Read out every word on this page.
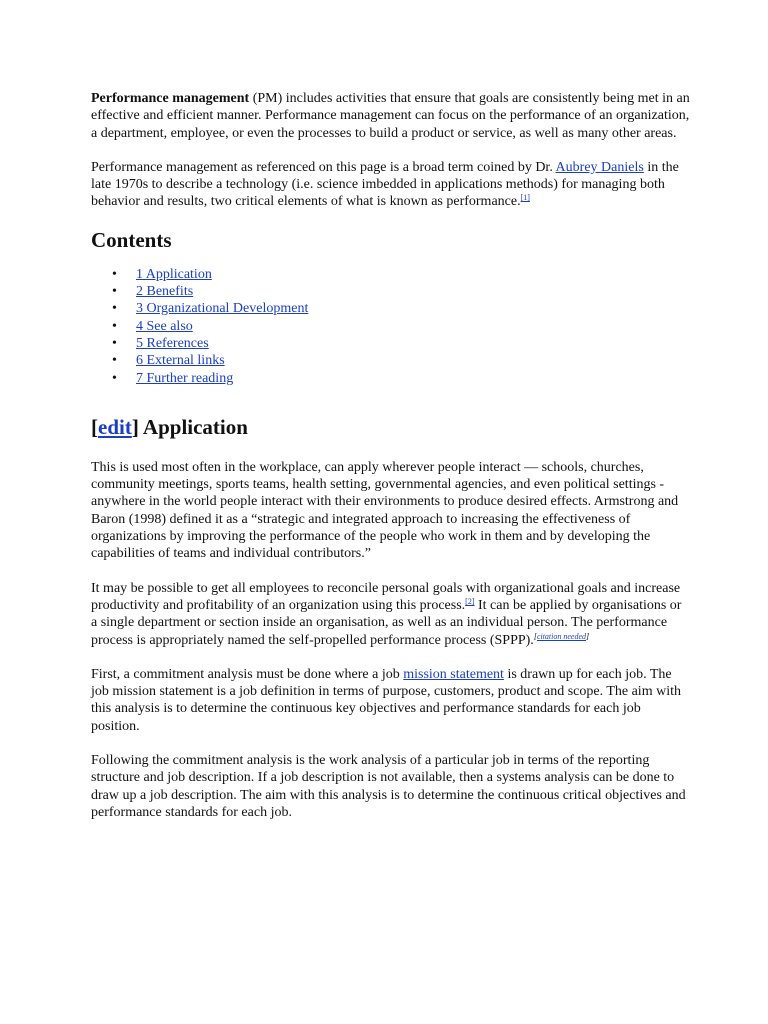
Performance management (PM) includes activities that ensure that goals are consistently being met in an effective and efficient manner. Performance management can focus on the performance of an organization, a department, employee, or even the processes to build a product or service, as well as many other areas.

Performance management as referenced on this page is a broad term coined by Dr. Aubrey Daniels in the late 1970s to describe a technology (i.e. science imbedded in applications methods) for managing both behavior and results, two critical elements of what is known as performance.[1]

Contents
• 1 Application
• 2 Benefits
• 3 Organizational Development
• 4 See also
• 5 References
• 6 External links
• 7 Further reading
[edit] Application

This is used most often in the workplace, can apply wherever people interact — schools, churches, community meetings, sports teams, health setting, governmental agencies, and even political settings - anywhere in the world people interact with their environments to produce desired effects. Armstrong and Baron (1998) defined it as a “strategic and integrated approach to increasing the effectiveness of organizations by improving the performance of the people who work in them and by developing the capabilities of teams and individual contributors.”

It may be possible to get all employees to reconcile personal goals with organizational goals and increase productivity and profitability of an organization using this process.[2] It can be applied by organisations or a single department or section inside an organisation, as well as an individual person. The performance process is appropriately named the self-propelled performance process (SPPP).[citation needed]

First, a commitment analysis must be done where a job mission statement is drawn up for each job. The job mission statement is a job definition in terms of purpose, customers, product and scope. The aim with this analysis is to determine the continuous key objectives and performance standards for each job position.

Following the commitment analysis is the work analysis of a particular job in terms of the reporting structure and job description. If a job description is not available, then a systems analysis can be done to draw up a job description. The aim with this analysis is to determine the continuous critical objectives and performance standards for each job.
